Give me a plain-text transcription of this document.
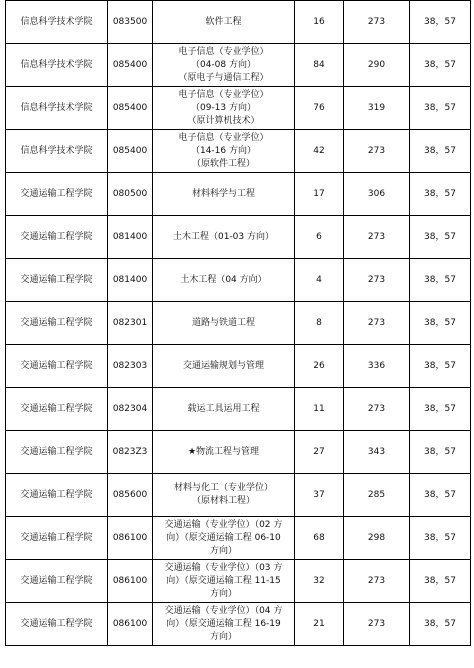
信息科学技术学院	083500	软件工程	16	273	38，57
信息科学技术学院	085400	电子信息（专业学位）
（04-08 方向）
（原电子与通信工程）	84	290	38，57
信息科学技术学院	085400	电子信息（专业学位）
（09-13 方向）
（原计算机技术）	76	319	38，57
信息科学技术学院	085400	电子信息（专业学位）
（14-16 方向）
（原软件工程）	42	273	38，57
交通运输工程学院	080500	材料科学与工程	17	306	38，57
交通运输工程学院	081400	土木工程（01-03 方向）	6	273	38，57
交通运输工程学院	081400	土木工程（04 方向）	4	273	38，57
交通运输工程学院	082301	道路与铁道工程	8	273	38，57
交通运输工程学院	082303	交通运输规划与管理	26	336	38，57
交通运输工程学院	082304	载运工具运用工程	11	273	38，57
交通运输工程学院	0823Z3	★物流工程与管理	27	343	38，57
交通运输工程学院	085600	材料与化工（专业学位）
（原材料工程）	37	285	38，57
交通运输工程学院	086100	交通运输（专业学位）（02 方
向）（原交通运输工程 06-10
方向）	68	298	38，57
交通运输工程学院	086100	交通运输（专业学位）（03 方
向）（原交通运输工程 11-15
方向）	32	273	38，57
交通运输工程学院	086100	交通运输（专业学位）（04 方
向）（原交通运输工程 16-19
方向）	21	273	38，57
